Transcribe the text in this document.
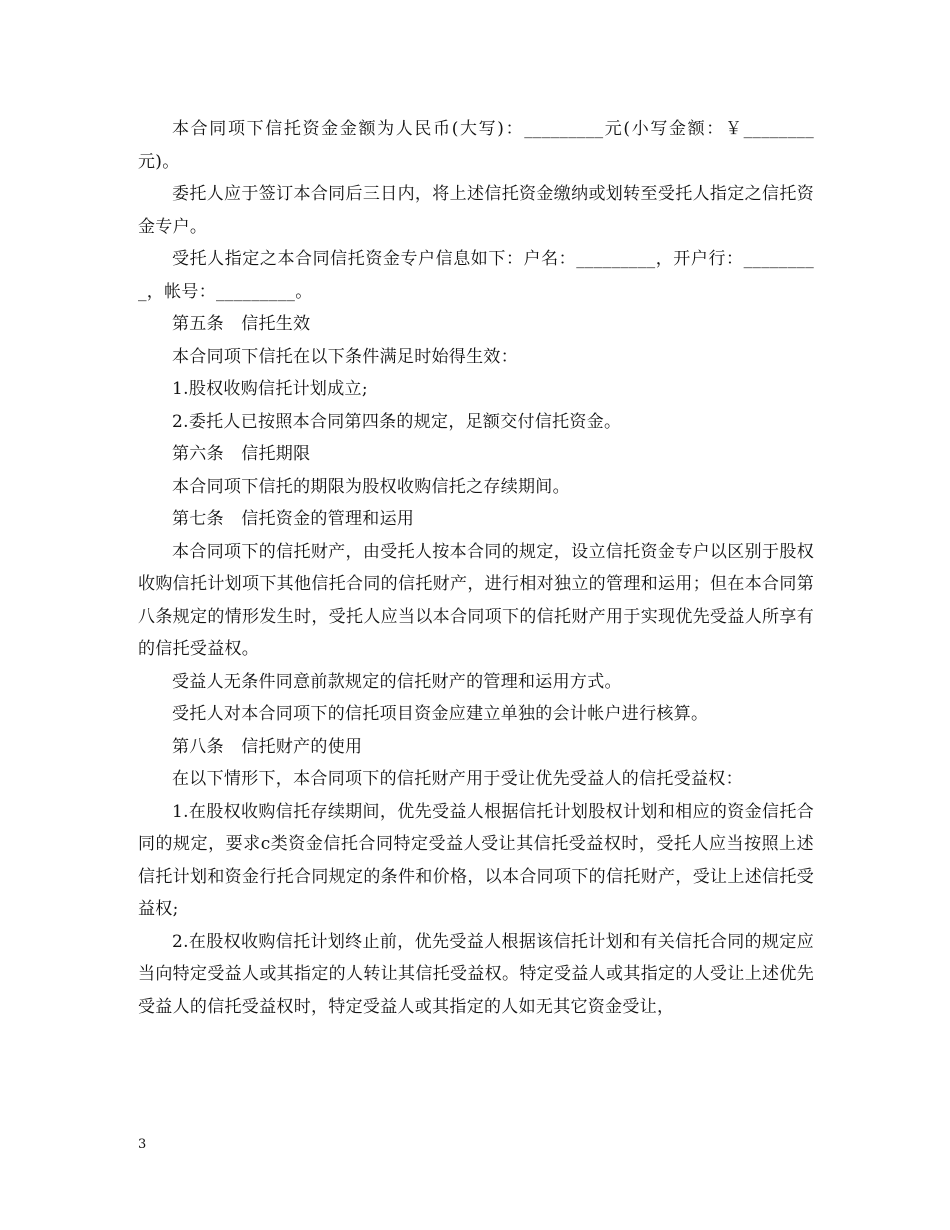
本合同项下信托资金金额为人民币(大写)：_________元(小写金额：￥________元)。

委托人应于签订本合同后三日内，将上述信托资金缴纳或划转至受托人指定之信托资金专户。

受托人指定之本合同信托资金专户信息如下：户名：_________，开户行：_________，帐号：_________。

第五条　信托生效

本合同项下信托在以下条件满足时始得生效：

1.股权收购信托计划成立;

2.委托人已按照本合同第四条的规定，足额交付信托资金。

第六条　信托期限

本合同项下信托的期限为股权收购信托之存续期间。

第七条　信托资金的管理和运用

本合同项下的信托财产，由受托人按本合同的规定，设立信托资金专户以区别于股权收购信托计划项下其他信托合同的信托财产，进行相对独立的管理和运用；但在本合同第八条规定的情形发生时，受托人应当以本合同项下的信托财产用于实现优先受益人所享有的信托受益权。

受益人无条件同意前款规定的信托财产的管理和运用方式。

受托人对本合同项下的信托项目资金应建立单独的会计帐户进行核算。

第八条　信托财产的使用

在以下情形下，本合同项下的信托财产用于受让优先受益人的信托受益权：

1.在股权收购信托存续期间，优先受益人根据信托计划股权计划和相应的资金信托合同的规定，要求c类资金信托合同特定受益人受让其信托受益权时，受托人应当按照上述信托计划和资金行托合同规定的条件和价格，以本合同项下的信托财产，受让上述信托受益权;

2.在股权收购信托计划终止前，优先受益人根据该信托计划和有关信托合同的规定应当向特定受益人或其指定的人转让其信托受益权。特定受益人或其指定的人受让上述优先受益人的信托受益权时，特定受益人或其指定的人如无其它资金受让，

3
